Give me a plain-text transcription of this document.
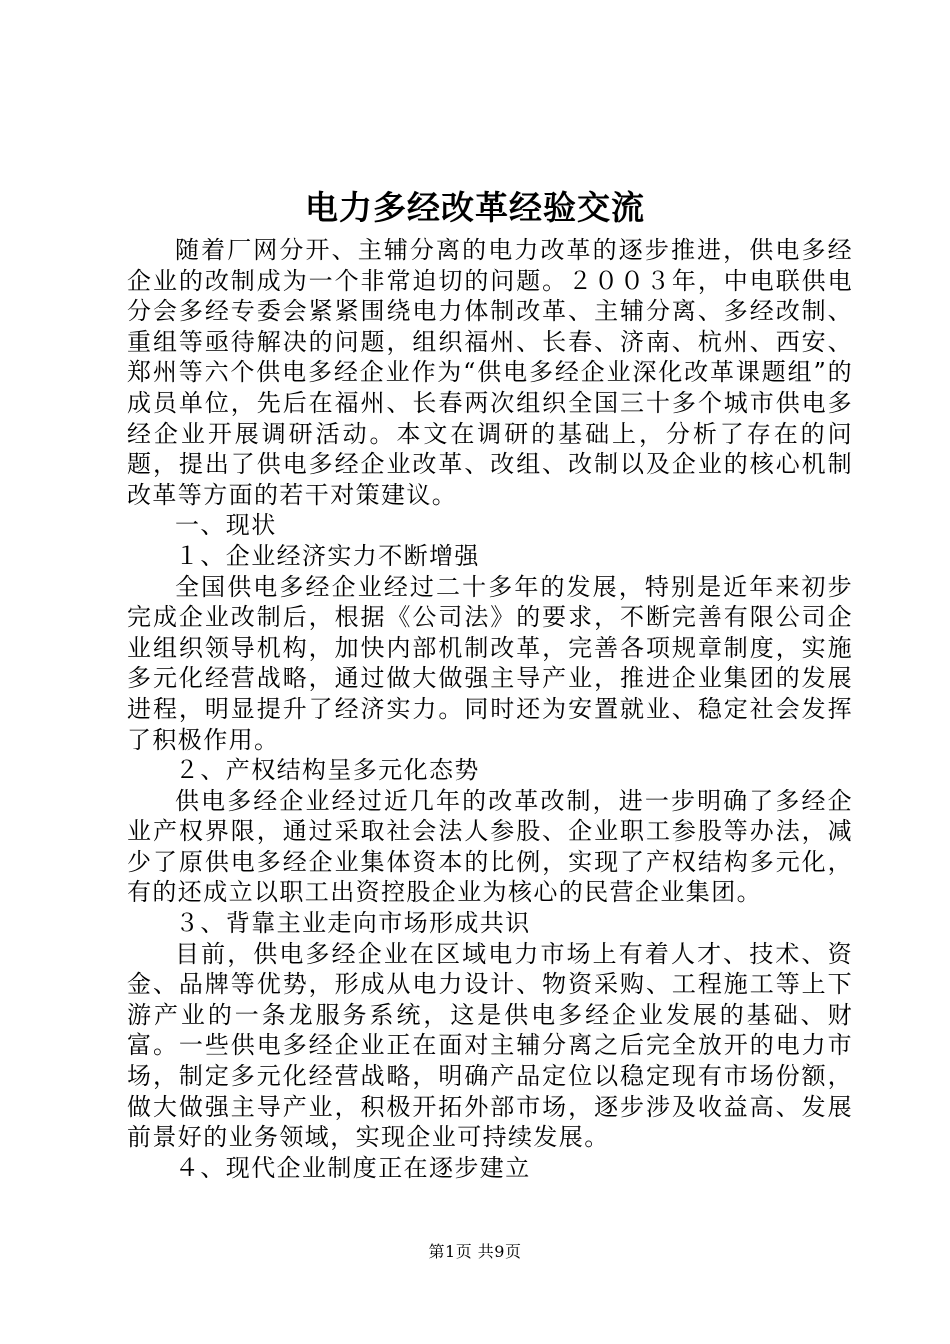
电力多经改革经验交流

随着厂网分开、主辅分离的电力改革的逐步推进，供电多经企业的改制成为一个非常迫切的问题。２００３年，中电联供电分会多经专委会紧紧围绕电力体制改革、主辅分离、多经改制、重组等亟待解决的问题，组织福州、长春、济南、杭州、西安、郑州等六个供电多经企业作为“供电多经企业深化改革课题组”的成员单位，先后在福州、长春两次组织全国三十多个城市供电多经企业开展调研活动。本文在调研的基础上，分析了存在的问题，提出了供电多经企业改革、改组、改制以及企业的核心机制改革等方面的若干对策建议。

一、现状

１、企业经济实力不断增强

全国供电多经企业经过二十多年的发展，特别是近年来初步完成企业改制后，根据《公司法》的要求，不断完善有限公司企业组织领导机构，加快内部机制改革，完善各项规章制度，实施多元化经营战略，通过做大做强主导产业，推进企业集团的发展进程，明显提升了经济实力。同时还为安置就业、稳定社会发挥了积极作用。

２、产权结构呈多元化态势

供电多经企业经过近几年的改革改制，进一步明确了多经企业产权界限，通过采取社会法人参股、企业职工参股等办法，减少了原供电多经企业集体资本的比例，实现了产权结构多元化，有的还成立以职工出资控股企业为核心的民营企业集团。

３、背靠主业走向市场形成共识

目前，供电多经企业在区域电力市场上有着人才、技术、资金、品牌等优势，形成从电力设计、物资采购、工程施工等上下游产业的一条龙服务系统，这是供电多经企业发展的基础、财富。一些供电多经企业正在面对主辅分离之后完全放开的电力市场，制定多元化经营战略，明确产品定位以稳定现有市场份额，做大做强主导产业，积极开拓外部市场，逐步涉及收益高、发展前景好的业务领域，实现企业可持续发展。

４、现代企业制度正在逐步建立

第1页 共9页
